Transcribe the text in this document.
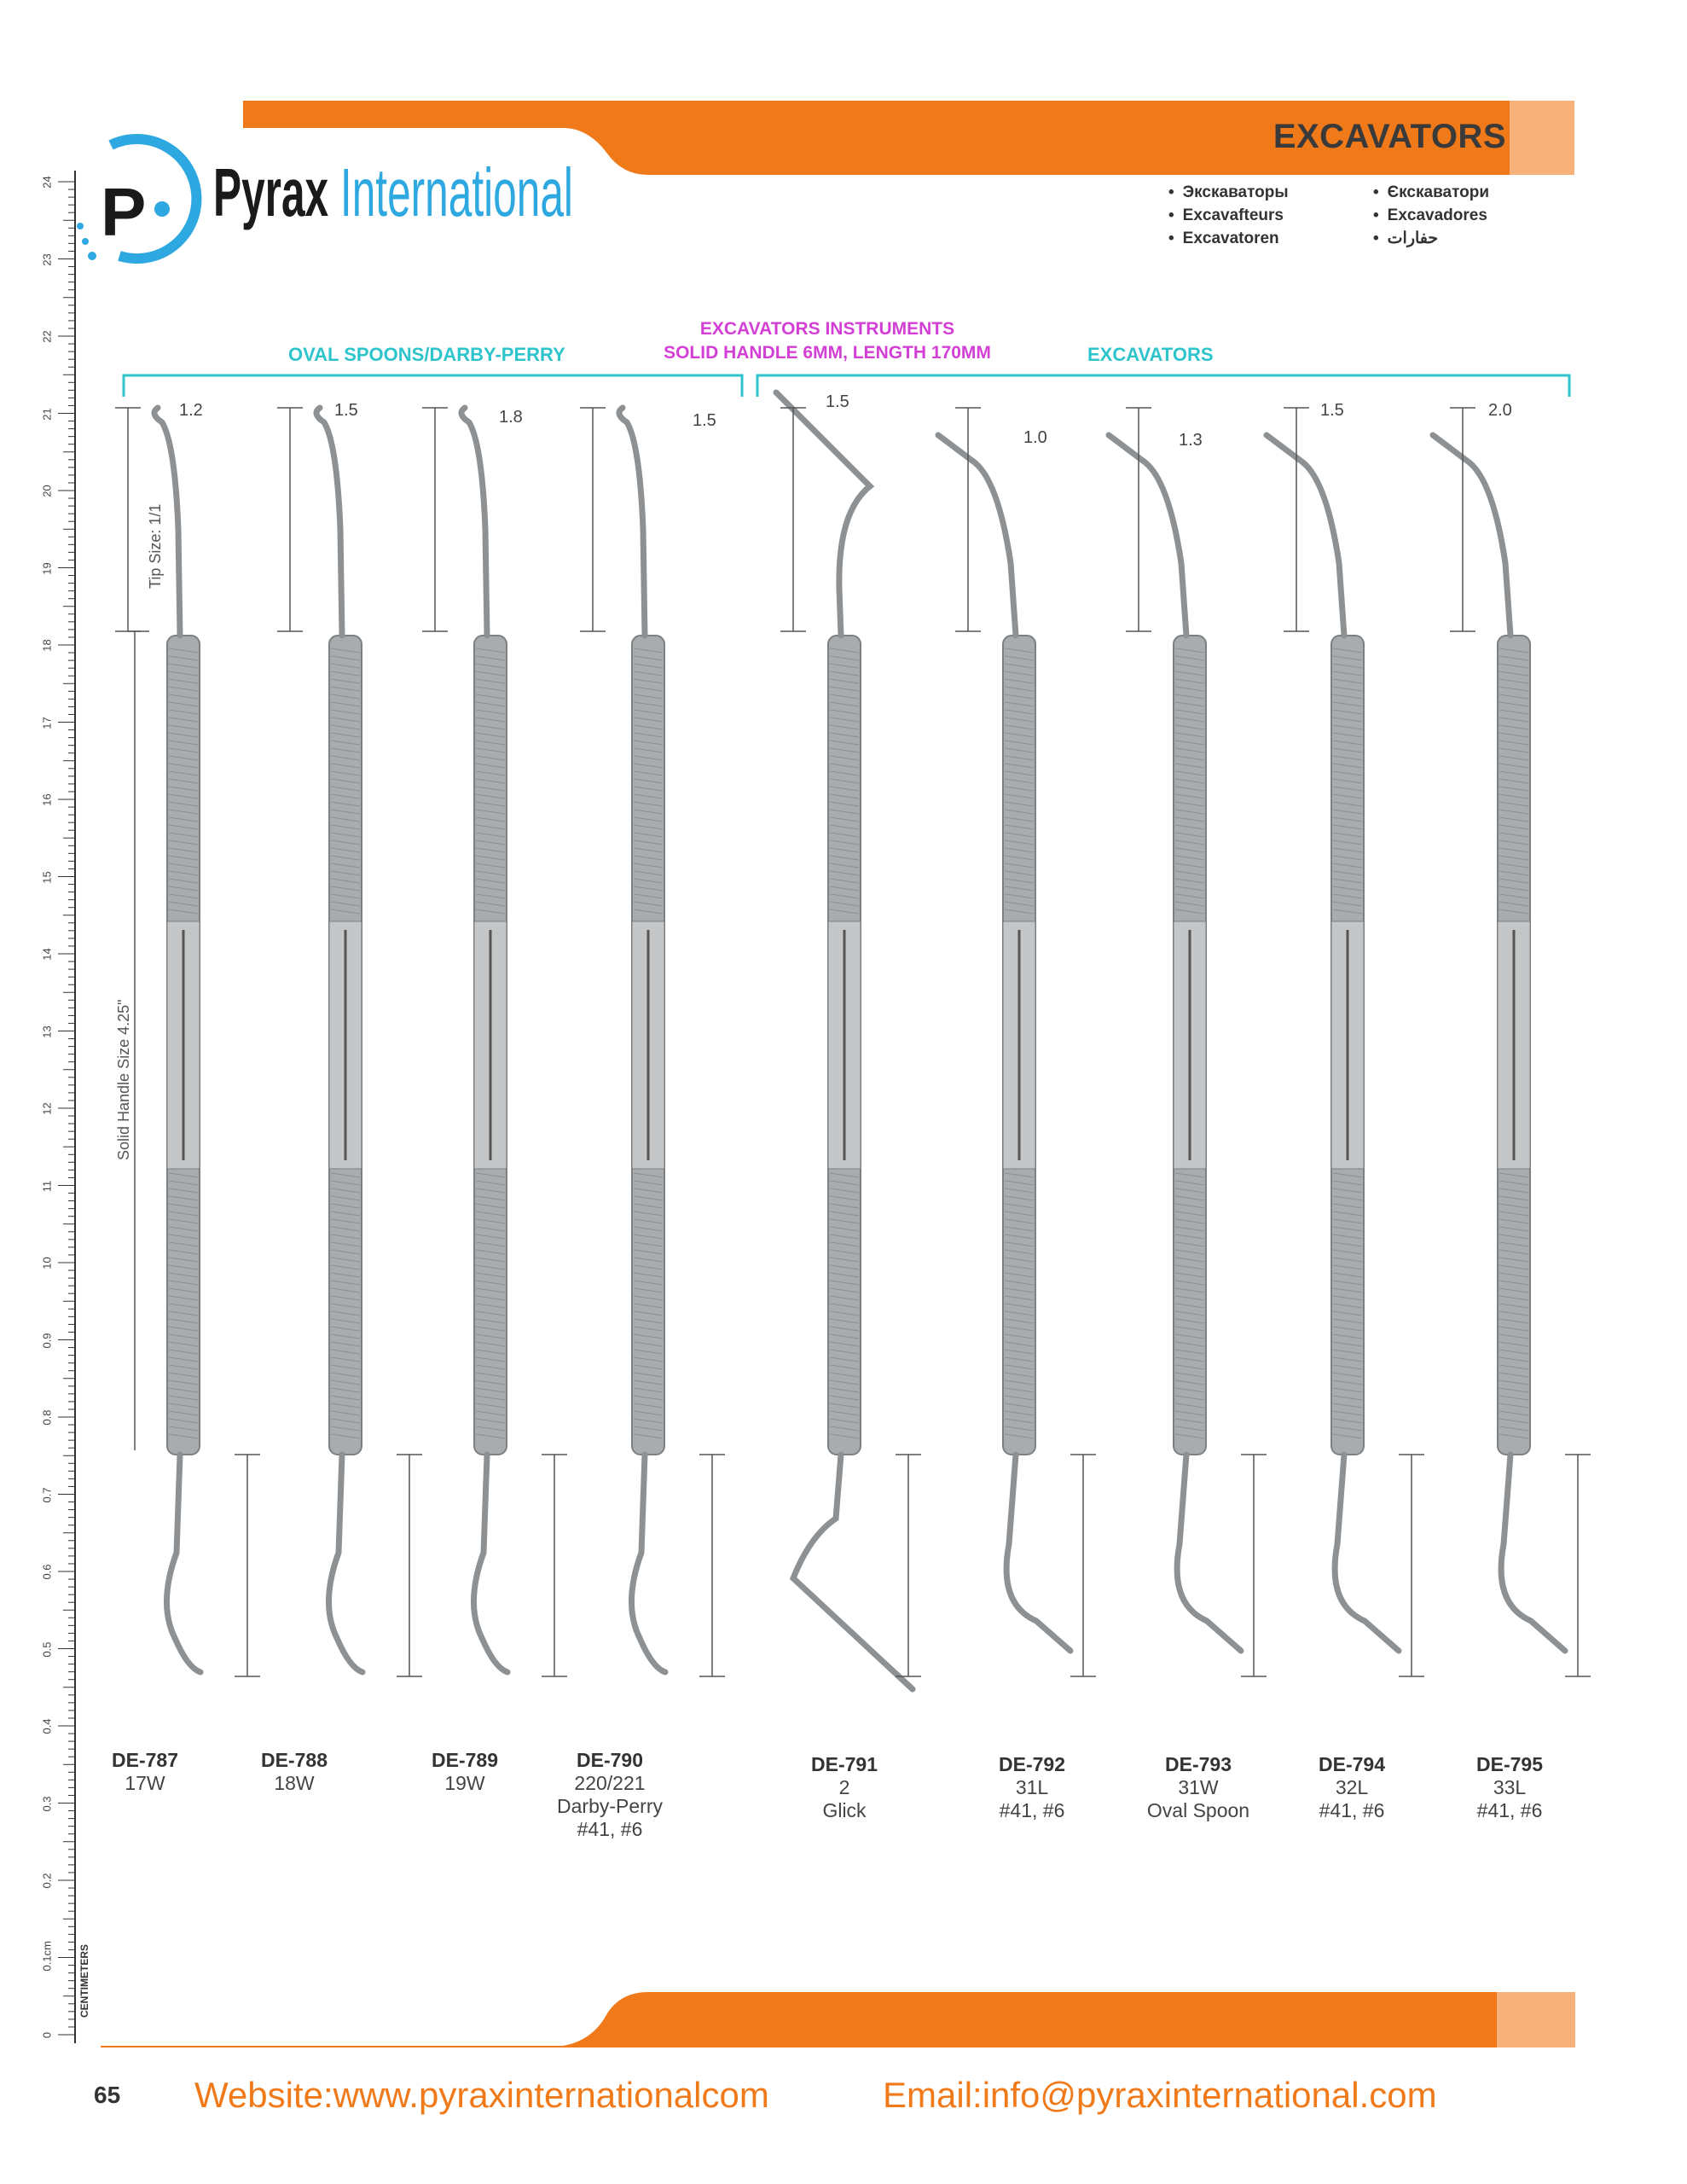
P Pyrax International
EXCAVATORS
• Экскаваторы
• Excavafteurs
• Excavatoren
• Єкскаватори
• Excavadores
• حفارات
EXCAVATORS INSTRUMENTS
SOLID HANDLE 6MM, LENGTH 170MM
OVAL SPOONS/DARBY-PERRY	EXCAVATORS
Tip Size: 1/1
Solid Handle Size 4.25"
1.2	1.5	1.8	1.5
1.5
1.0	1.3
1.5	2.0
DE-787
17W
DE-788
18W
DE-789
19W
DE-790
220/221
Darby-Perry
#41, #6
DE-791
2
Glick
DE-792
31L
#41, #6
DE-793
31W
Oval Spoon
DE-794
32L
#41, #6
DE-795
33L
#41, #6
CENTIMETERS
0
0.1cm
0.2
0.3
0.4
0.5
0.6
0.7
0.8
0.9
10
11
12
13
14
15
16
17
18
19
20
21
22
23
24
65 Website:www.pyraxinternationalcom	Email:info@pyraxinternational.com
